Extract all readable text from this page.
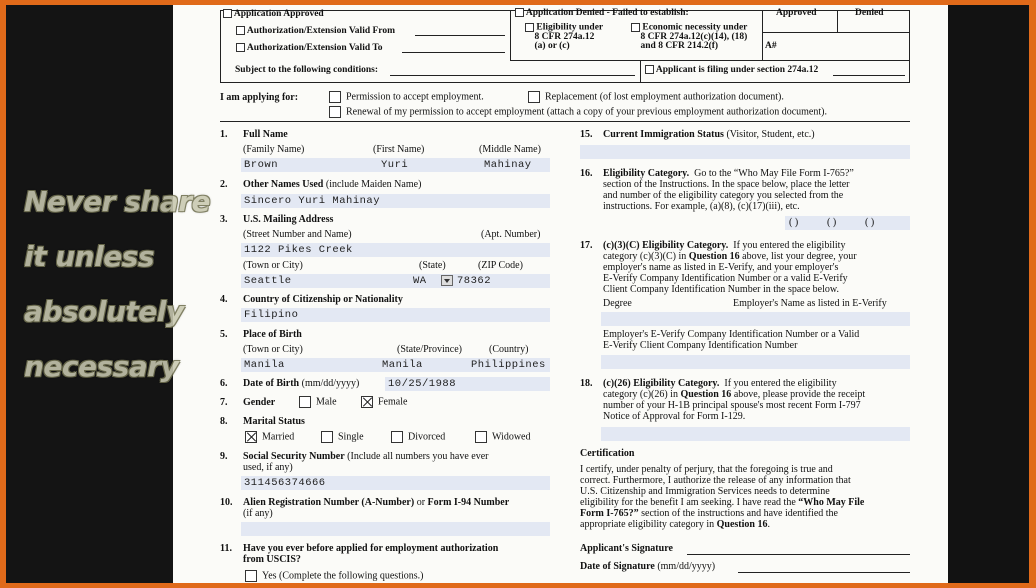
Application Approved
Authorization/Extension Valid From
Authorization/Extension Valid To
Subject to the following conditions:
Application Denied - Failed to establish:
Eligibility under
8 CFR 274a.12
(a) or (c)
Economic necessity under
8 CFR 274a.12(c)(14), (18)
and 8 CFR 214.2(f)
Approved	Denied
A#
Applicant is filing under section 274a.12
I am applying for:	Permission to accept employment.	Replacement (of lost employment authorization document).
Renewal of my permission to accept employment (attach a copy of your previous employment authorization document).
1. Full Name
(Family Name)	(First Name)	(Middle Name)
Brown	Yuri	Mahinay
2. Other Names Used (include Maiden Name)
Sincero Yuri Mahinay
3. U.S. Mailing Address
(Street Number and Name)	(Apt. Number)
1122 Pikes Creek
(Town or City)	(State)	(ZIP Code)
Seattle	WA	78362
4. Country of Citizenship or Nationality
Filipino
5. Place of Birth
(Town or City)	(State/Province)	(Country)
Manila	Manila	Philippines
6. Date of Birth (mm/dd/yyyy)	10/25/1988
7. Gender	Male	Female
8. Marital Status
Married	Single	Divorced	Widowed
9. Social Security Number (Include all numbers you have ever
used, if any)
311456374666
10. Alien Registration Number (A-Number) or Form I-94 Number
(if any)
11. Have you ever before applied for employment authorization
from USCIS?
Yes (Complete the following questions.)
15. Current Immigration Status (Visitor, Student, etc.)
16. Eligibility Category. Go to the “Who May File Form I-765?”
section of the Instructions. In the space below, place the letter
and number of the eligibility category you selected from the
instructions. For example, (a)(8), (c)(17)(iii), etc.
( )	( )	( )
17. (c)(3)(C) Eligibility Category. If you entered the eligibility
category (c)(3)(C) in Question 16 above, list your degree, your
employer's name as listed in E-Verify, and your employer's
E-Verify Company Identification Number or a valid E-Verify
Client Company Identification Number in the space below.
Degree	Employer's Name as listed in E-Verify
Employer's E-Verify Company Identification Number or a Valid
E-Verify Client Company Identification Number
18. (c)(26) Eligibility Category. If you entered the eligibility
category (c)(26) in Question 16 above, please provide the receipt
number of your H-1B principal spouse's most recent Form I-797
Notice of Approval for Form I-129.
Certification
I certify, under penalty of perjury, that the foregoing is true and
correct. Furthermore, I authorize the release of any information that
U.S. Citizenship and Immigration Services needs to determine
eligibility for the benefit I am seeking. I have read the “Who May File
Form I-765?” section of the instructions and have identified the
appropriate eligibility category in Question 16.
Applicant's Signature
Date of Signature (mm/dd/yyyy)
Never share
it unless
absolutely
necessary
